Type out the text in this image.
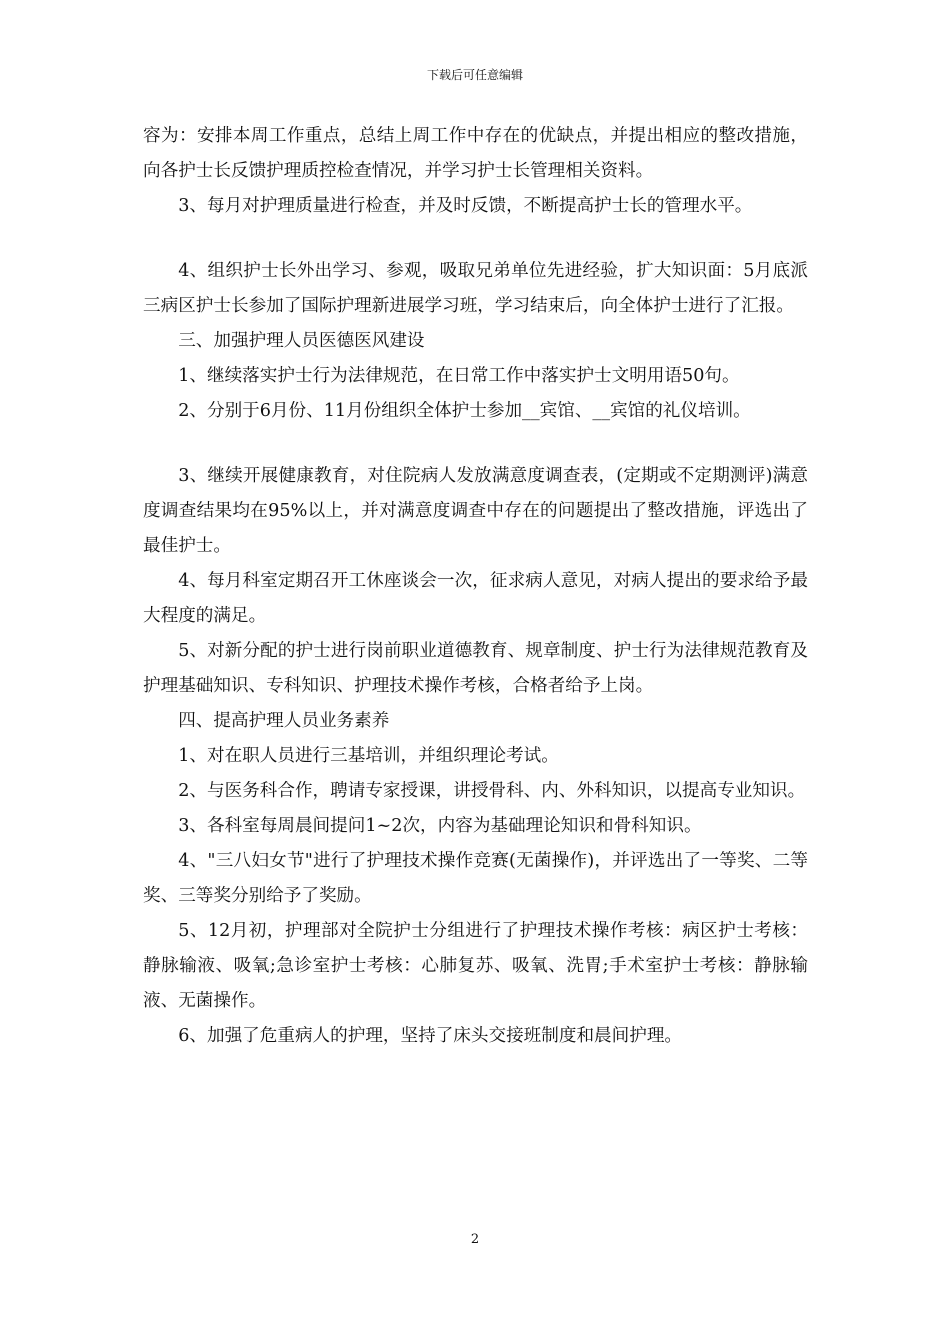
下载后可任意编辑

容为：安排本周工作重点，总结上周工作中存在的优缺点，并提出相应的整改措施，向各护士长反馈护理质控检查情况，并学习护士长管理相关资料。

3、每月对护理质量进行检查，并及时反馈，不断提高护士长的管理水平。

4、组织护士长外出学习、参观，吸取兄弟单位先进经验，扩大知识面：5月底派三病区护士长参加了国际护理新进展学习班，学习结束后，向全体护士进行了汇报。

三、加强护理人员医德医风建设

1、继续落实护士行为法律规范，在日常工作中落实护士文明用语50句。

2、分别于6月份、11月份组织全体护士参加__宾馆、__宾馆的礼仪培训。

3、继续开展健康教育，对住院病人发放满意度调查表，(定期或不定期测评)满意度调查结果均在95%以上，并对满意度调查中存在的问题提出了整改措施，评选出了最佳护士。

4、每月科室定期召开工休座谈会一次，征求病人意见，对病人提出的要求给予最大程度的满足。

5、对新分配的护士进行岗前职业道德教育、规章制度、护士行为法律规范教育及护理基础知识、专科知识、护理技术操作考核，合格者给予上岗。

四、提高护理人员业务素养

1、对在职人员进行三基培训，并组织理论考试。

2、与医务科合作，聘请专家授课，讲授骨科、内、外科知识，以提高专业知识。

3、各科室每周晨间提问1~2次，内容为基础理论知识和骨科知识。

4、"三八妇女节"进行了护理技术操作竞赛(无菌操作)，并评选出了一等奖、二等奖、三等奖分别给予了奖励。

5、12月初，护理部对全院护士分组进行了护理技术操作考核：病区护士考核：静脉输液、吸氧;急诊室护士考核：心肺复苏、吸氧、洗胃;手术室护士考核：静脉输液、无菌操作。

6、加强了危重病人的护理，坚持了床头交接班制度和晨间护理。

2
